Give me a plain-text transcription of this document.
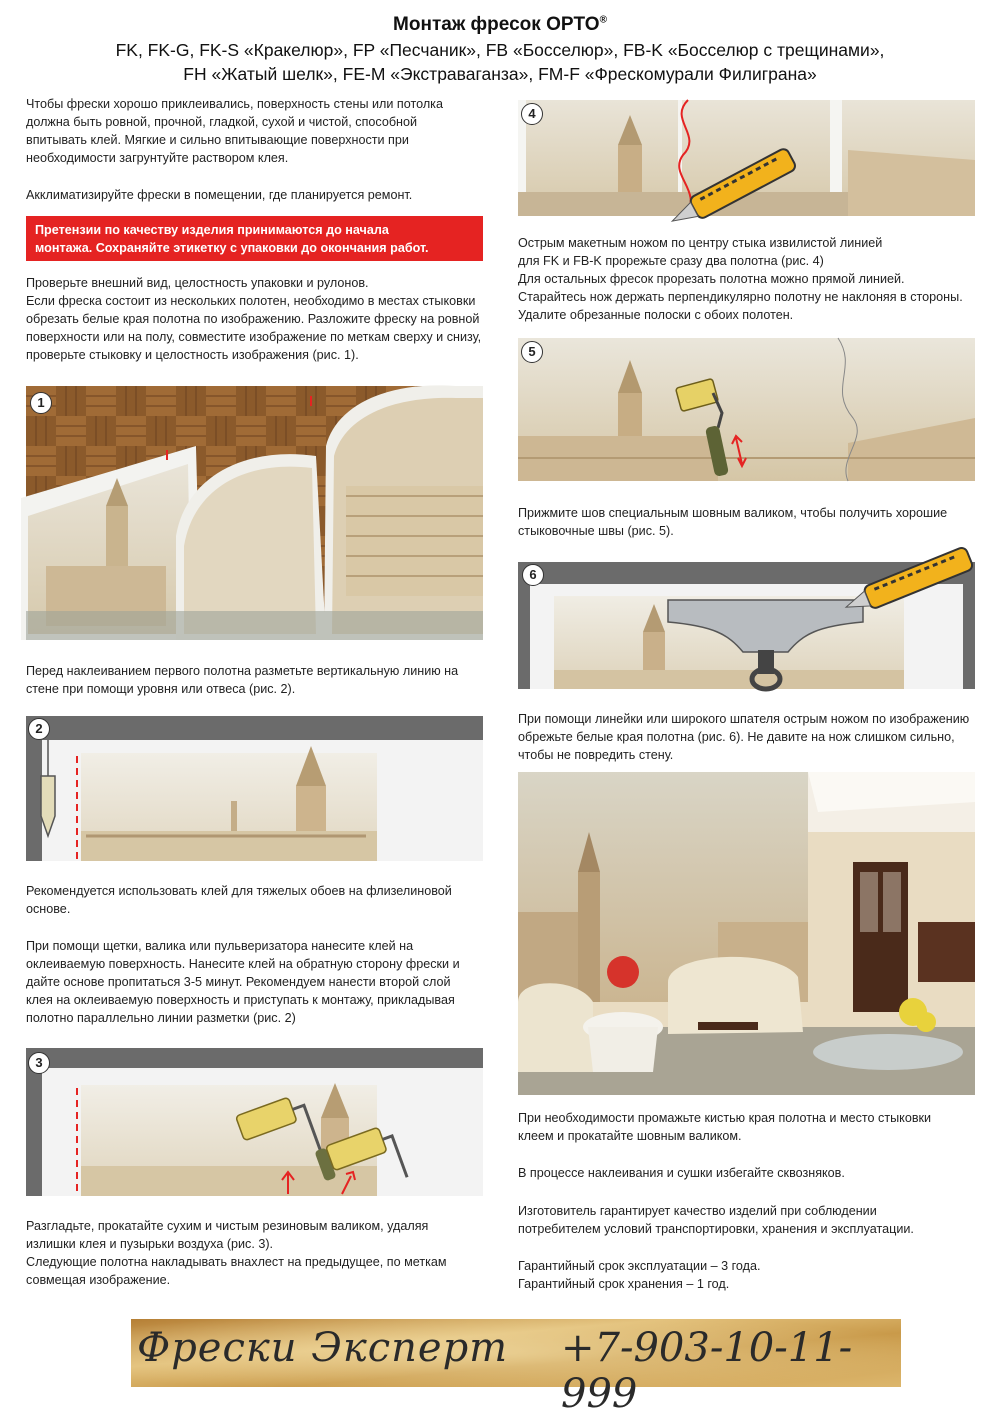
Монтаж фресок OPTO®
FK, FK-G, FK-S «Кракелюр», FP «Песчаник», FB «Босселюр», FB-K «Босселюр с трещинами»,
FH «Жатый шелк», FE-M «Экстраваганза», FM-F «Фрескомурали Филиграна»

Чтобы фрески хорошо приклеивались, поверхность стены или потолка
должна быть ровной, прочной, гладкой, сухой и чистой, способной
впитывать клей. Мягкие и сильно впитывающие поверхности при
необходимости загрунтуйте раствором клея.

Акклиматизируйте фрески в помещении, где планируется ремонт.

Претензии по качеству изделия принимаются до начала
монтажа. Сохраняйте этикетку с упаковки до окончания работ.

Проверьте внешний вид, целостность упаковки и рулонов.
Если фреска состоит из нескольких полотен, необходимо в местах стыковки
обрезать белые края полотна по изображению. Разложите фреску на ровной
поверхности или на полу, совместите изображение по меткам сверху и снизу,
проверьте стыковку и целостность изображения (рис. 1).

1

Перед наклеиванием первого полотна разметьте вертикальную линию на
стене при помощи уровня или отвеса (рис. 2).

2

Рекомендуется использовать клей для тяжелых обоев на флизелиновой
основе.

При помощи щетки, валика или пульверизатора нанесите клей на
оклеиваемую поверхность. Нанесите клей на обратную сторону фрески и
дайте основе пропитаться 3-5 минут. Рекомендуем нанести второй слой
клея на оклеиваемую поверхность и приступать к монтажу, прикладывая
полотно параллельно линии разметки (рис. 2)

3

Разгладьте, прокатайте сухим и чистым резиновым валиком, удаляя
излишки клея и пузырьки воздуха (рис. 3).
Следующие полотна накладывать внахлест на предыдущее, по меткам
совмещая изображение.

4

Острым макетным ножом по центру стыка извилистой линией
для FK и FB-K прорежьте сразу два полотна (рис. 4)
Для остальных фресок прорезать полотна можно прямой линией.
Старайтесь нож держать перпендикулярно полотну не наклоняя в стороны.
Удалите обрезанные полоски с обоих полотен.

5

Прижмите шов специальным шовным валиком, чтобы получить хорошие
стыковочные швы (рис. 5).

6

При помощи линейки или широкого шпателя острым ножом по изображению
обрежьте белые края полотна (рис. 6). Не давите на нож слишком сильно,
чтобы не повредить стену.

При необходимости промажьте кистью края полотна и место стыковки
клеем и прокатайте шовным валиком.

В процессе наклеивания и сушки избегайте сквозняков.

Изготовитель гарантирует качество изделий при соблюдении
потребителем условий транспортировки, хранения и эксплуатации.

Гарантийный срок эксплуатации – 3 года.

Гарантийный срок хранения – 1 год.

Фрески Эксперт +7-903-10-11-999
